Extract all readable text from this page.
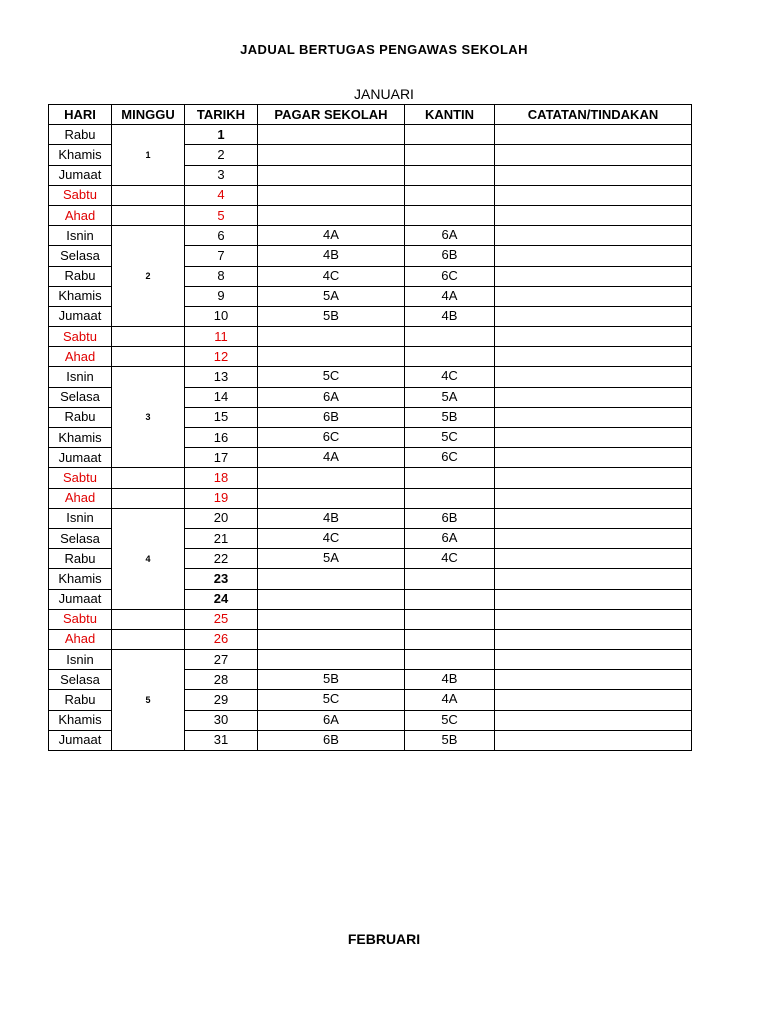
JADUAL BERTUGAS PENGAWAS SEKOLAH
JANUARI
HARI	MINGGU	TARIKH	PAGAR SEKOLAH	KANTIN	CATATAN/TINDAKAN
Rabu	1	1			
Khamis		2			
Jumaat		3			
Sabtu		4			
Ahad		5			
Isnin	2	6	4A	6A	
Selasa		7	4B	6B	
Rabu		8	4C	6C	
Khamis		9	5A	4A	
Jumaat		10	5B	4B	
Sabtu		11			
Ahad		12			
Isnin	3	13	5C	4C	
Selasa		14	6A	5A	
Rabu		15	6B	5B	
Khamis		16	6C	5C	
Jumaat		17	4A	6C	
Sabtu		18			
Ahad		19			
Isnin	4	20	4B	6B	
Selasa		21	4C	6A	
Rabu		22	5A	4C	
Khamis		23			
Jumaat		24			
Sabtu		25			
Ahad		26			
Isnin	5	27			
Selasa		28	5B	4B	
Rabu		29	5C	4A	
Khamis		30	6A	5C	
Jumaat		31	6B	5B	
FEBRUARI
